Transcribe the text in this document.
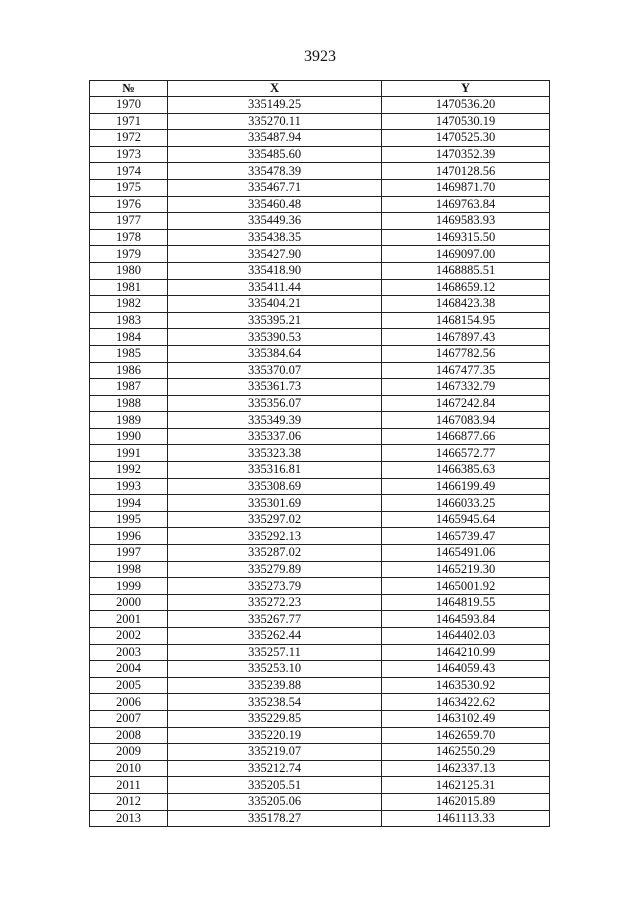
3923
№	X	Y
1970	335149.25	1470536.20
1971	335270.11	1470530.19
1972	335487.94	1470525.30
1973	335485.60	1470352.39
1974	335478.39	1470128.56
1975	335467.71	1469871.70
1976	335460.48	1469763.84
1977	335449.36	1469583.93
1978	335438.35	1469315.50
1979	335427.90	1469097.00
1980	335418.90	1468885.51
1981	335411.44	1468659.12
1982	335404.21	1468423.38
1983	335395.21	1468154.95
1984	335390.53	1467897.43
1985	335384.64	1467782.56
1986	335370.07	1467477.35
1987	335361.73	1467332.79
1988	335356.07	1467242.84
1989	335349.39	1467083.94
1990	335337.06	1466877.66
1991	335323.38	1466572.77
1992	335316.81	1466385.63
1993	335308.69	1466199.49
1994	335301.69	1466033.25
1995	335297.02	1465945.64
1996	335292.13	1465739.47
1997	335287.02	1465491.06
1998	335279.89	1465219.30
1999	335273.79	1465001.92
2000	335272.23	1464819.55
2001	335267.77	1464593.84
2002	335262.44	1464402.03
2003	335257.11	1464210.99
2004	335253.10	1464059.43
2005	335239.88	1463530.92
2006	335238.54	1463422.62
2007	335229.85	1463102.49
2008	335220.19	1462659.70
2009	335219.07	1462550.29
2010	335212.74	1462337.13
2011	335205.51	1462125.31
2012	335205.06	1462015.89
2013	335178.27	1461113.33
